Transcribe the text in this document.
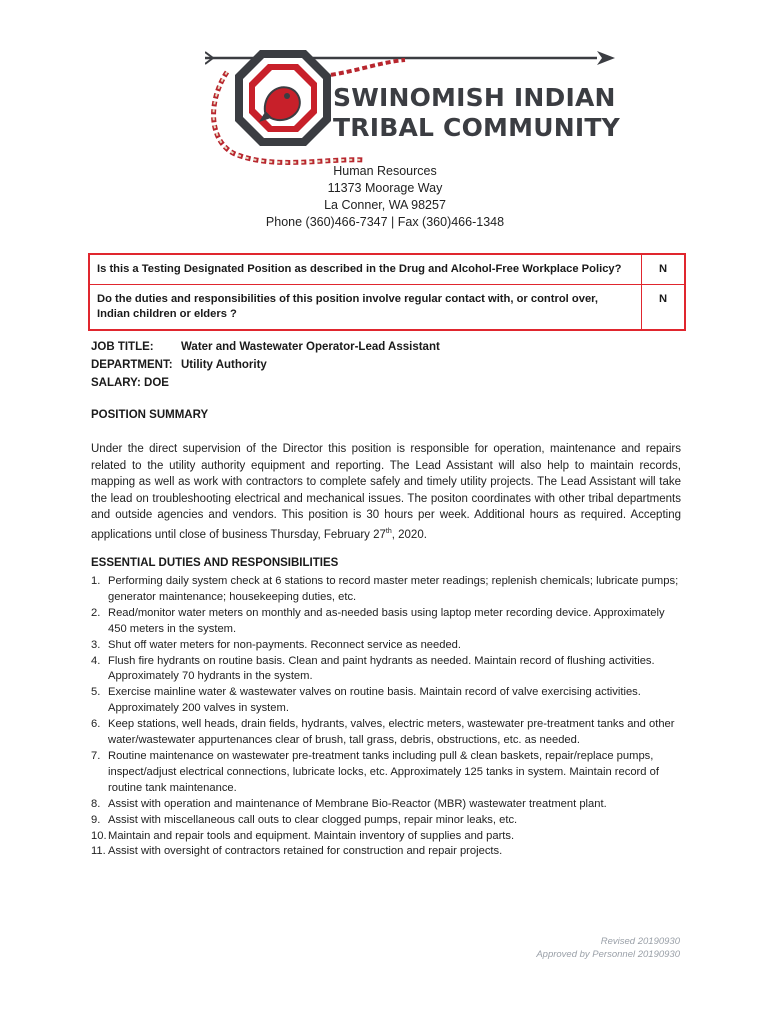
SWINOMISH INDIAN
TRIBAL COMMUNITY
Human Resources
11373 Moorage Way
La Conner, WA 98257
Phone (360)466-7347 | Fax (360)466-1348
Is this a Testing Designated Position as described in the Drug and Alcohol-Free Workplace Policy?	N
Do the duties and responsibilities of this position involve regular contact with, or control over, Indian children or elders ?	N
JOB TITLE:	Water and Wastewater Operator-Lead Assistant
DEPARTMENT: Utility Authority
SALARY: DOE
POSITION SUMMARY
Under the direct supervision of the Director this position is responsible for operation, maintenance and repairs related to the utility authority equipment and reporting. The Lead Assistant will also help to maintain records, mapping as well as work with contractors to complete safely and timely utility projects. The Lead Assistant will take the lead on troubleshooting electrical and mechanical issues. The positon coordinates with other tribal departments and outside agencies and vendors. This position is 30 hours per week. Additional hours as required. Accepting applications until close of business Thursday, February 27th, 2020.
ESSENTIAL DUTIES AND RESPONSIBILITIES
1. Performing daily system check at 6 stations to record master meter readings; replenish chemicals; lubricate pumps; generator maintenance; housekeeping duties, etc.
2. Read/monitor water meters on monthly and as-needed basis using laptop meter recording device. Approximately 450 meters in the system.
3. Shut off water meters for non-payments. Reconnect service as needed.
4. Flush fire hydrants on routine basis. Clean and paint hydrants as needed. Maintain record of flushing activities. Approximately 70 hydrants in the system.
5. Exercise mainline water & wastewater valves on routine basis. Maintain record of valve exercising activities. Approximately 200 valves in system.
6. Keep stations, well heads, drain fields, hydrants, valves, electric meters, wastewater pre-treatment tanks and other water/wastewater appurtenances clear of brush, tall grass, debris, obstructions, etc. as needed.
7. Routine maintenance on wastewater pre-treatment tanks including pull & clean baskets, repair/replace pumps, inspect/adjust electrical connections, lubricate locks, etc. Approximately 125 tanks in system. Maintain record of routine tank maintenance.
8. Assist with operation and maintenance of Membrane Bio-Reactor (MBR) wastewater treatment plant.
9. Assist with miscellaneous call outs to clear clogged pumps, repair minor leaks, etc.
10. Maintain and repair tools and equipment. Maintain inventory of supplies and parts.
11. Assist with oversight of contractors retained for construction and repair projects.
Revised 20190930
Approved by Personnel 20190930
